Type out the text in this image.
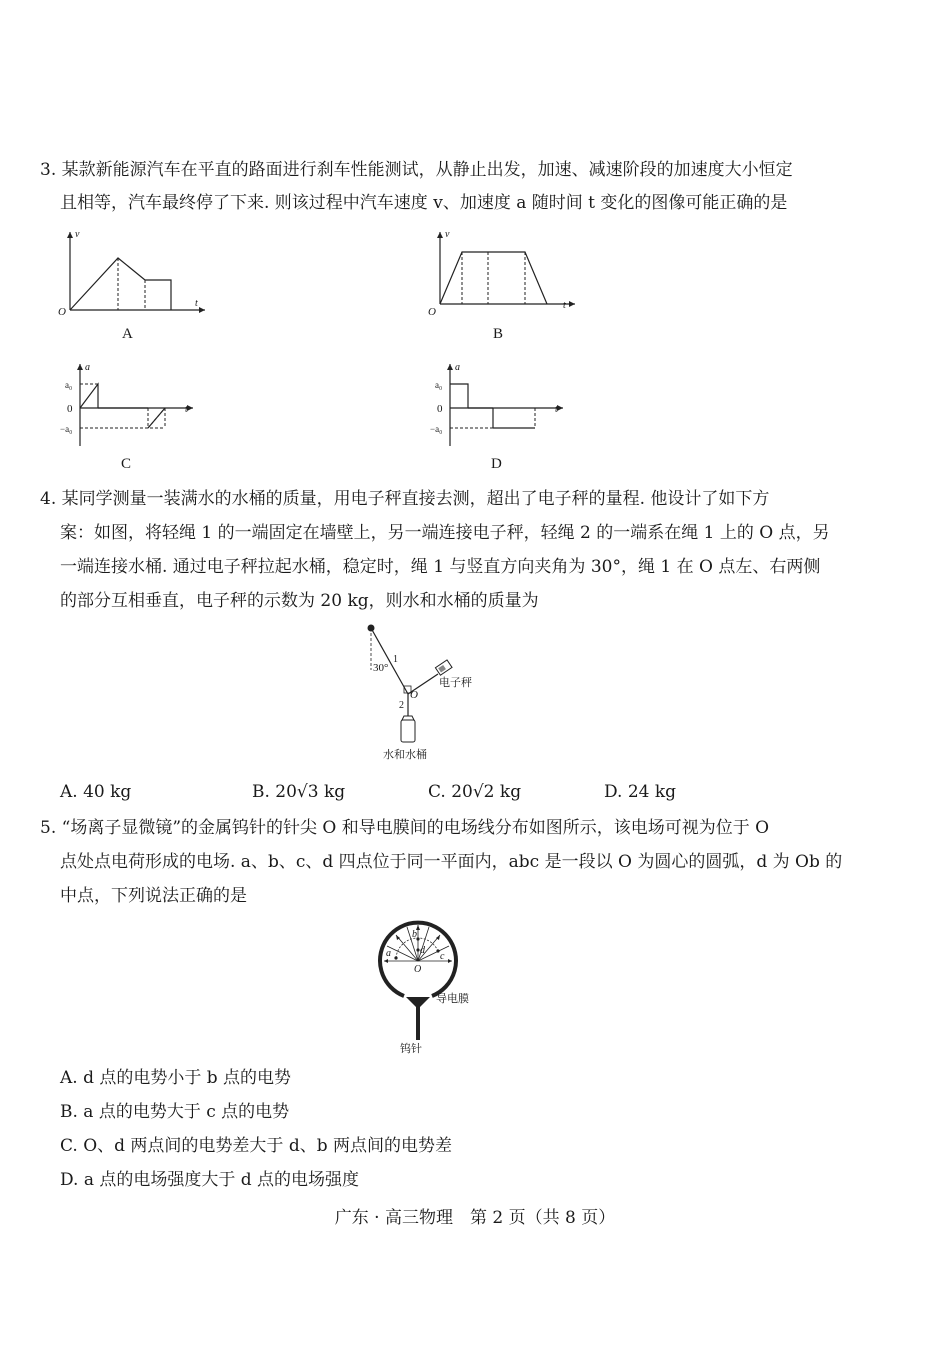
3. 某款新能源汽车在平直的路面进行刹车性能测试，从静止出发，加速、减速阶段的加速度大小恒定
且相等，汽车最终停了下来. 则该过程中汽车速度 v、加速度 a 随时间 t 变化的图像可能正确的是
v
t
O
A
v
t
O
B
a
t
a₀
0
−a₀
C
a
t
a₀
0
−a₀
D
4. 某同学测量一装满水的水桶的质量，用电子秤直接去测，超出了电子秤的量程. 他设计了如下方
案：如图，将轻绳 1 的一端固定在墙壁上，另一端连接电子秤，轻绳 2 的一端系在绳 1 上的 O 点，另
一端连接水桶. 通过电子秤拉起水桶，稳定时，绳 1 与竖直方向夹角为 30°，绳 1 在 O 点左、右两侧
的部分互相垂直，电子秤的示数为 20 kg，则水和水桶的质量为
30°
1
2
O
电子秤
水和水桶
A. 40 kg	B. 20√3 kg	C. 20√2 kg	D. 24 kg
5. “场离子显微镜”的金属钨针的针尖 O 和导电膜间的电场线分布如图所示，该电场可视为位于 O
点处点电荷形成的电场. a、b、c、d 四点位于同一平面内，abc 是一段以 O 为圆心的圆弧，d 为 Ob 的
中点，下列说法正确的是
a
b
c
d
O
导电膜
钨针
A. d 点的电势小于 b 点的电势
B. a 点的电势大于 c 点的电势
C. O、d 两点间的电势差大于 d、b 两点间的电势差
D. a 点的电场强度大于 d 点的电场强度
广东 · 高三物理　第 2 页（共 8 页）
